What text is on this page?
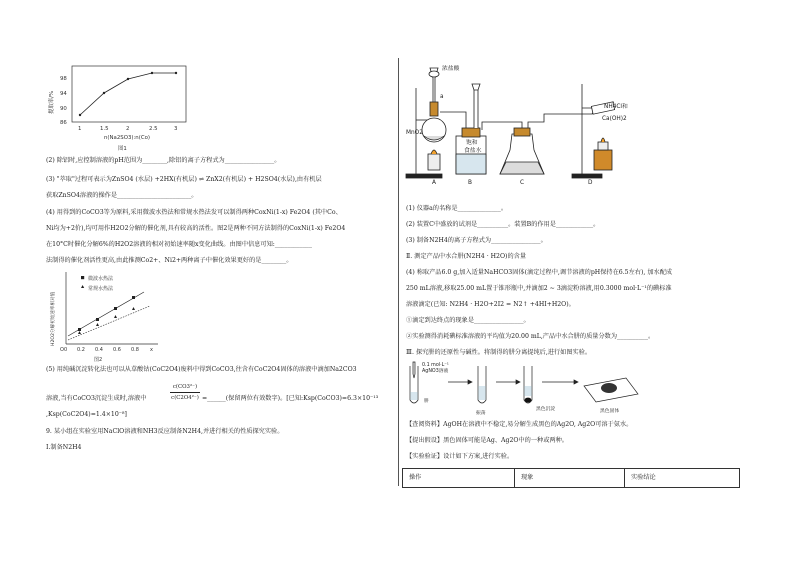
98
94
90
86
1	1.5	2	2.5	3
n(Na2SO3):n(Co)
图1
提取率/%
(2) 除铝时,应控制溶液的pH范围为________,除铝的离子方程式为________________。
(3) "萃取"过程可表示为ZnSO4 (水层) +2HX(有机层) ⇌ ZnX2(有机层) + H2SO4(水层),由有机层
获取ZnSO4溶液的操作是________________________。
(4) 用得到的CoCO3等为原料,采用微波水热法和常规水热法发可以制得两种CoxNi(1-x) Fe2O4 (其中Co、
Ni均为+2价),均可用作H2O2分解的催化剂,具有较高的活性。图2是两种不同方法制得的CoxNi(1-x) Fe2O4
在10°C时催化分解6%的H2O2溶液的相对初始速率随x变化曲线。由图中信息可知:____________
法制得的催化剂活性更高,由此推测Co2+、Ni2+两种离子中催化效果更好的是________。
O 0 0.2 0.4 0.6 0.8 x
图2
H2O2分解初始速率相对值
微波水热法
常规水热法
(5) 用纯碱沉淀转化法也可以从草酸钴(CoC2O4)废料中得到CoCO3,往含有CoC2O4固体的溶液中滴加Na2CO3
溶液,当有CoCO3沉淀生成时,溶液中
c(CO3²⁻)
c(C2O4²⁻) =______(保留两位有效数字)。[已知:Ksp(CoCO3)=6.3×10⁻¹³
,Ksp(CoC2O4)=1.4×10⁻⁸]
9. 某小组在实验室用NaClO溶液和NH3反应制备N2H4,并进行相关的性质探究实验。
Ⅰ.制备N2H4
浓盐酸
a
MnO2
饱和
食盐水
NH4Cl和
Ca(OH)2
A	B	C	D
(1) 仪器a的名称是______________。
(2) 装置C中盛放的试剂是__________。装置B的作用是____________。
(3) 制备N2H4的离子方程式为________________。
Ⅱ. 测定产品中水合肼(N2H4 · H2O)的含量
(4) 称取产品6.0 g,加入适量NaHCO3固体(滴定过程中,调节溶液的pH保持在6.5左右), 加水配成
250 mL溶液,移取25.00 mL置于锥形瓶中,并滴加2 ~ 3滴淀粉溶液,用0.3000 mol·L⁻¹的碘标准
溶液滴定(已知: N2H4 · H2O+2I2 = N2↑ +4HI+H2O)。
①滴定到达终点的现象是________________。
②实验测得消耗碘标准溶液的平均值为20.00 mL,产品中水合肼的质量分数为__________。
Ⅲ. 探究肼的还原性与碱性。将制得的肼分离提纯后,进行如图实验。
0.1 mol·L⁻¹
AgNO3溶液
肼
振荡
黑色沉淀	黑色固体
【查阅资料】AgOH在溶液中不稳定,易分解生成黑色的Ag2O, Ag2O可溶于氨水。
【提出假设】黑色固体可能是Ag、Ag2O中的一种或两种。
【实验验证】设计如下方案,进行实验。
操作	现象	实验结论
